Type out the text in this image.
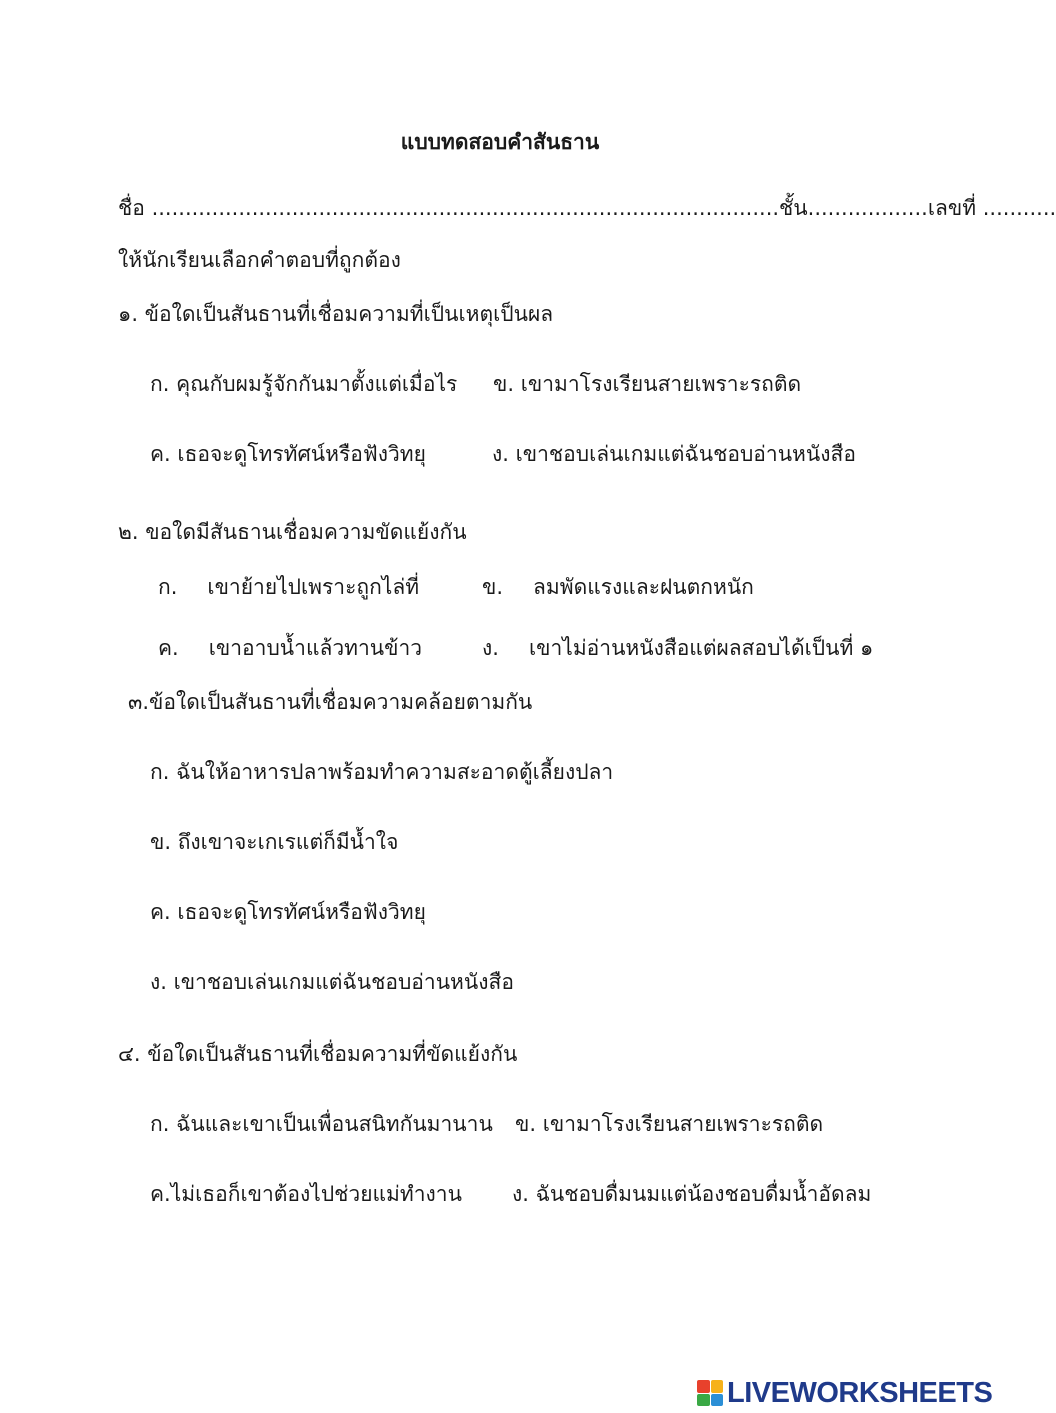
แบบทดสอบคำสันธาน
ชื่อ ..............................................................................................ชั้น..................เลขที่ ...........
ให้นักเรียนเลือกคำตอบที่ถูกต้อง
๑. ข้อใดเป็นสันธานที่เชื่อมความที่เป็นเหตุเป็นผล
ก. คุณกับผมรู้จักกันมาตั้งแต่เมื่อไร ข. เขามาโรงเรียนสายเพราะรถติด
ค. เธอจะดูโทรทัศน์หรือฟังวิทยุ	ง. เขาชอบเล่นเกมแต่ฉันชอบอ่านหนังสือ
๒. ขอใดมีสันธานเชื่อมความขัดแย้งกัน
ก. เขาย้ายไปเพราะถูกไล่ที่	ข. ลมพัดแรงและฝนตกหนัก
ค. เขาอาบน้ำแล้วทานข้าว	ง. เขาไม่อ่านหนังสือแต่ผลสอบได้เป็นที่ ๑
๓.ข้อใดเป็นสันธานที่เชื่อมความคล้อยตามกัน
ก. ฉันให้อาหารปลาพร้อมทำความสะอาดตู้เลี้ยงปลา
ข. ถึงเขาจะเกเรแต่ก็มีน้ำใจ
ค. เธอจะดูโทรทัศน์หรือฟังวิทยุ
ง. เขาชอบเล่นเกมแต่ฉันชอบอ่านหนังสือ
๔. ข้อใดเป็นสันธานที่เชื่อมความที่ขัดแย้งกัน
ก. ฉันและเขาเป็นเพื่อนสนิทกันมานาน ข. เขามาโรงเรียนสายเพราะรถติด
ค.ไม่เธอก็เขาต้องไปช่วยแม่ทำงาน ง. ฉันชอบดื่มนมแต่น้องชอบดื่มน้ำอัดลม
LIVEWORKSHEETS
